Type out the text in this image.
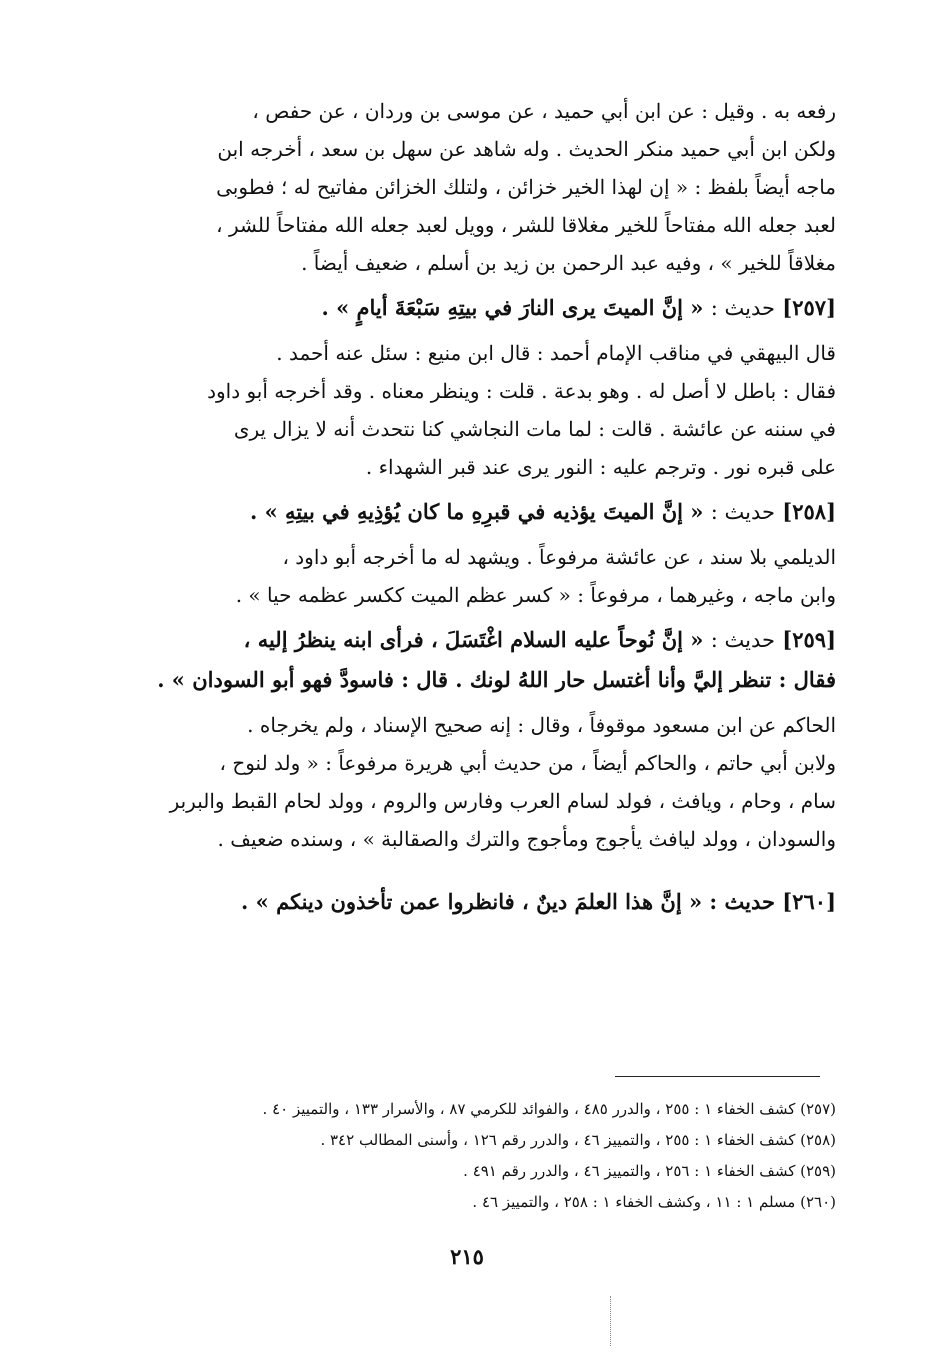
رفعه به . وقيل : عن ابن أبي حميد ، عن موسى بن وردان ، عن حفص ،
ولكن ابن أبي حميد منكر الحديث . وله شاهد عن سهل بن سعد ، أخرجه ابن
ماجه أيضاً بلفظ : « إن لهذا الخير خزائن ، ولتلك الخزائن مفاتيح له ؛ فطوبى
لعبد جعله الله مفتاحاً للخير مغلاقا للشر ، وويل لعبد جعله الله مفتاحاً للشر ،
مغلاقاً للخير » ، وفيه عبد الرحمن بن زيد بن أسلم ، ضعيف أيضاً .
[٢٥٧] حديث : « إنَّ الميتَ يرى النارَ في بيتِهِ سَبْعَةَ أيامٍ » .
قال البيهقي في مناقب الإمام أحمد : قال ابن منيع : سئل عنه أحمد .
فقال : باطل لا أصل له . وهو بدعة . قلت : وينظر معناه . وقد أخرجه أبو داود
في سننه عن عائشة . قالت : لما مات النجاشي كنا نتحدث أنه لا يزال يرى
على قبره نور . وترجم عليه : النور يرى عند قبر الشهداء .
[٢٥٨] حديث : « إنَّ الميتَ يؤذيه في قبرِهِ ما كان يُؤذِيهِ في بيتِهِ » .
الديلمي بلا سند ، عن عائشة مرفوعاً . ويشهد له ما أخرجه أبو داود ،
وابن ماجه ، وغيرهما ، مرفوعاً : « كسر عظم الميت ككسر عظمه حيا » .
[٢٥٩] حديث : « إنَّ نُوحاً عليه السلام اغْتَسَلَ ، فرأى ابنه ينظرُ إليه ،
فقال : تنظر إليَّ وأنا أغتسل حار اللهُ لونك . قال : فاسودَّ فهو أبو السودان » .
الحاكم عن ابن مسعود موقوفاً ، وقال : إنه صحيح الإسناد ، ولم يخرجاه .
ولابن أبي حاتم ، والحاكم أيضاً ، من حديث أبي هريرة مرفوعاً : « ولد لنوح ،
سام ، وحام ، ويافث ، فولد لسام العرب وفارس والروم ، وولد لحام القبط والبربر
والسودان ، وولد ليافث يأجوج ومأجوج والترك والصقالبة » ، وسنده ضعيف .
[٢٦٠] حديث : « إنَّ هذا العلمَ دينٌ ، فانظروا عمن تأخذون دينكم » .
(٢٥٧) كشف الخفاء ١ : ٢٥٥ ، والدرر ٤٨٥ ، والفوائد للكرمي ٨٧ ، والأسرار ١٣٣ ، والتمييز ٤٠ .
(٢٥٨) كشف الخفاء ١ : ٢٥٥ ، والتمييز ٤٦ ، والدرر رقم ١٢٦ ، وأسنى المطالب ٣٤٢ .
(٢٥٩) كشف الخفاء ١ : ٢٥٦ ، والتمييز ٤٦ ، والدرر رقم ٤٩١ .
(٢٦٠) مسلم ١ : ١١ ، وكشف الخفاء ١ : ٢٥٨ ، والتمييز ٤٦ .
٢١٥
